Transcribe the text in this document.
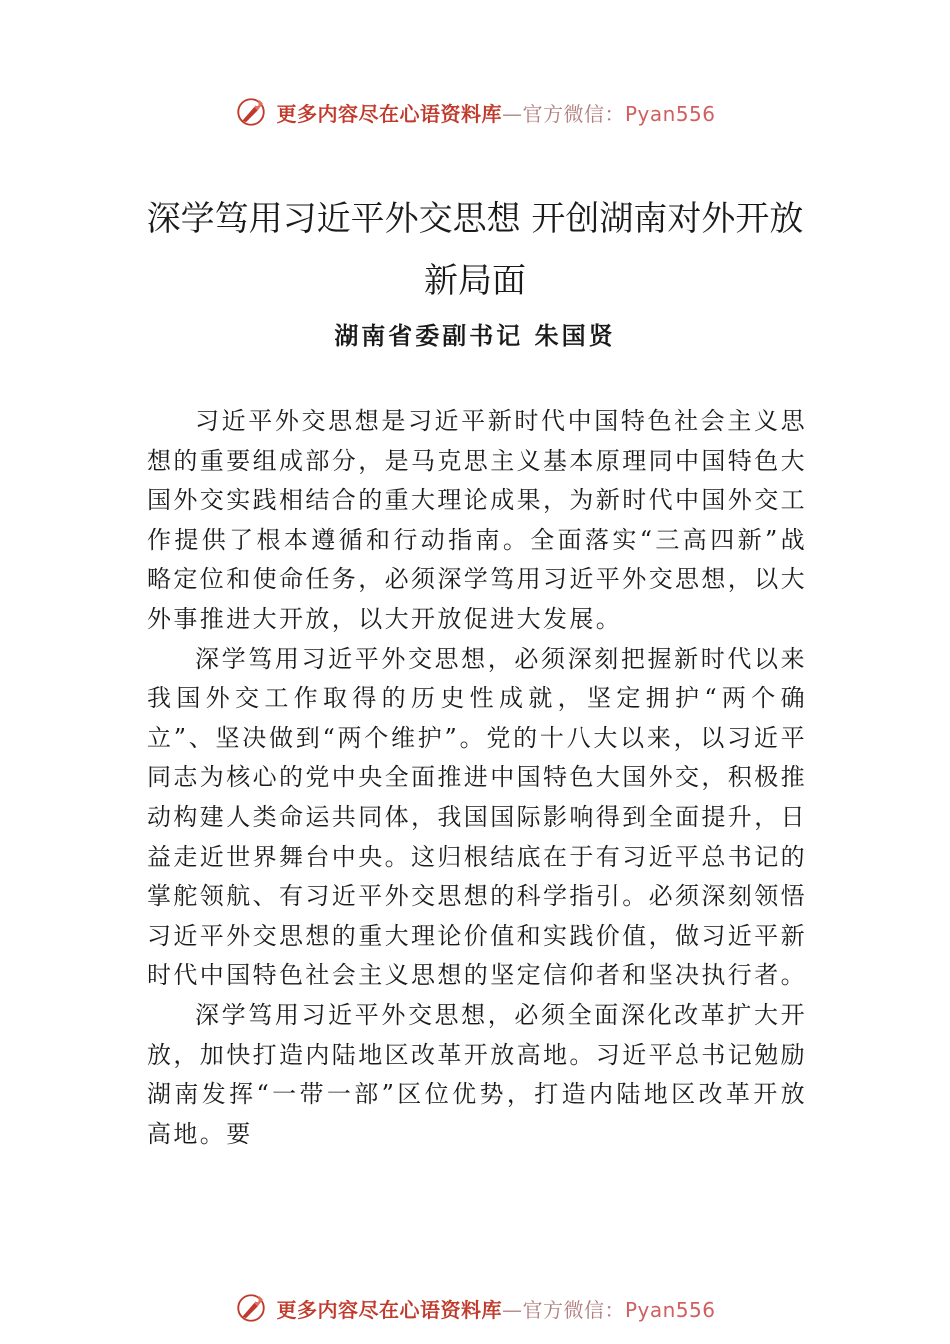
更多内容尽在心语资料库—官方微信：Pyan556
深学笃用习近平外交思想 开创湖南对外开放新局面
湖南省委副书记 朱国贤

习近平外交思想是习近平新时代中国特色社会主义思想的重要组成部分，是马克思主义基本原理同中国特色大国外交实践相结合的重大理论成果，为新时代中国外交工作提供了根本遵循和行动指南。全面落实“三高四新”战略定位和使命任务，必须深学笃用习近平外交思想，以大外事推进大开放，以大开放促进大发展。

深学笃用习近平外交思想，必须深刻把握新时代以来我国外交工作取得的历史性成就，坚定拥护“两个确立”、坚决做到“两个维护”。党的十八大以来，以习近平同志为核心的党中央全面推进中国特色大国外交，积极推动构建人类命运共同体，我国国际影响得到全面提升，日益走近世界舞台中央。这归根结底在于有习近平总书记的掌舵领航、有习近平外交思想的科学指引。必须深刻领悟习近平外交思想的重大理论价值和实践价值，做习近平新时代中国特色社会主义思想的坚定信仰者和坚决执行者。

深学笃用习近平外交思想，必须全面深化改革扩大开放，加快打造内陆地区改革开放高地。习近平总书记勉励湖南发挥“一带一部”区位优势，打造内陆地区改革开放高地。要

更多内容尽在心语资料库—官方微信：Pyan556
